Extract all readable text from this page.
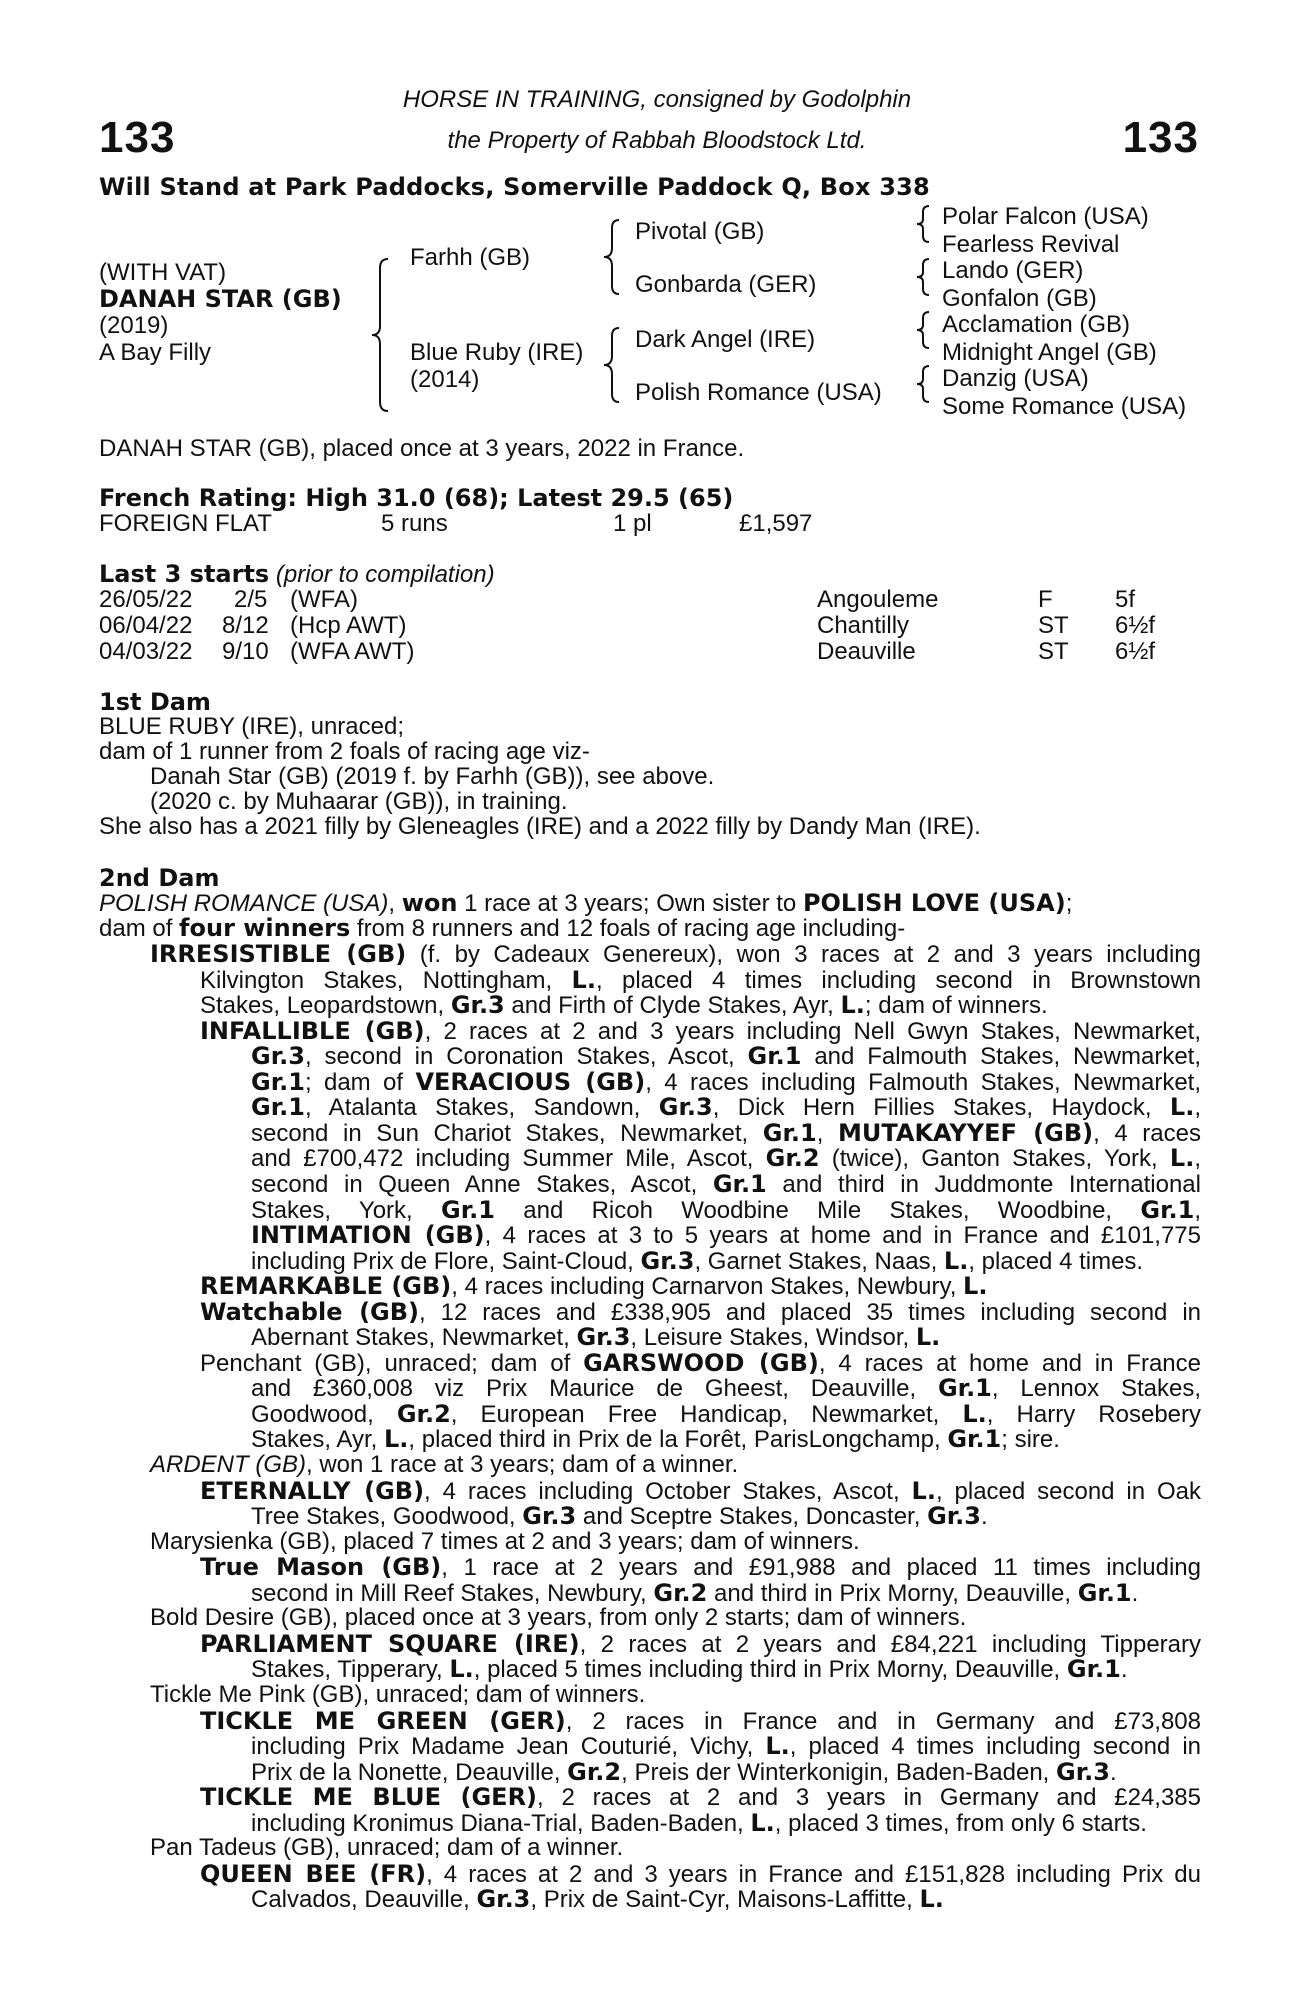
133	133
HORSE IN TRAINING, consigned by Godolphin
the Property of Rabbah Bloodstock Ltd.
Will Stand at Park Paddocks, Somerville Paddock Q, Box 338
(WITH VAT)
DANAH STAR (GB)
(2019)
A Bay Filly
Farhh (GB)
Blue Ruby (IRE)
(2014)
Pivotal (GB)
Gonbarda (GER)
Dark Angel (IRE)
Polish Romance (USA)
Polar Falcon (USA)
Fearless Revival
Lando (GER)
Gonfalon (GB)
Acclamation (GB)
Midnight Angel (GB)
Danzig (USA)
Some Romance (USA)
DANAH STAR (GB), placed once at 3 years, 2022 in France.
French Rating: High 31.0 (68); Latest 29.5 (65)
FOREIGN FLAT	5 runs	1 pl	£1,597
Last 3 starts (prior to compilation)
26/05/22 2/5 (WFA)	Angouleme	F	5f
06/04/22 8/12 (Hcp AWT)	Chantilly	ST 6½f
04/03/22 9/10 (WFA AWT)	Deauville	ST 6½f
1st Dam
BLUE RUBY (IRE), unraced;
dam of 1 runner from 2 foals of racing age viz-
Danah Star (GB) (2019 f. by Farhh (GB)), see above.
(2020 c. by Muhaarar (GB)), in training.
She also has a 2021 filly by Gleneagles (IRE) and a 2022 filly by Dandy Man (IRE).
2nd Dam
POLISH ROMANCE (USA), won 1 race at 3 years; Own sister to POLISH LOVE (USA);
dam of four winners from 8 runners and 12 foals of racing age including-
IRRESISTIBLE (GB) (f. by Cadeaux Genereux), won 3 races at 2 and 3 years including
Kilvington Stakes, Nottingham, L., placed 4 times including second in Brownstown
Stakes, Leopardstown, Gr.3 and Firth of Clyde Stakes, Ayr, L.; dam of winners.
INFALLIBLE (GB), 2 races at 2 and 3 years including Nell Gwyn Stakes, Newmarket,
Gr.3, second in Coronation Stakes, Ascot, Gr.1 and Falmouth Stakes, Newmarket,
Gr.1; dam of VERACIOUS (GB), 4 races including Falmouth Stakes, Newmarket,
Gr.1, Atalanta Stakes, Sandown, Gr.3, Dick Hern Fillies Stakes, Haydock, L.,
second in Sun Chariot Stakes, Newmarket, Gr.1, MUTAKAYYEF (GB), 4 races
and £700,472 including Summer Mile, Ascot, Gr.2 (twice), Ganton Stakes, York, L.,
second in Queen Anne Stakes, Ascot, Gr.1 and third in Juddmonte International
Stakes, York, Gr.1 and Ricoh Woodbine Mile Stakes, Woodbine, Gr.1,
INTIMATION (GB), 4 races at 3 to 5 years at home and in France and £101,775
including Prix de Flore, Saint-Cloud, Gr.3, Garnet Stakes, Naas, L., placed 4 times.
REMARKABLE (GB), 4 races including Carnarvon Stakes, Newbury, L.
Watchable (GB), 12 races and £338,905 and placed 35 times including second in
Abernant Stakes, Newmarket, Gr.3, Leisure Stakes, Windsor, L.
Penchant (GB), unraced; dam of GARSWOOD (GB), 4 races at home and in France
and £360,008 viz Prix Maurice de Gheest, Deauville, Gr.1, Lennox Stakes,
Goodwood, Gr.2, European Free Handicap, Newmarket, L., Harry Rosebery
Stakes, Ayr, L., placed third in Prix de la Forêt, ParisLongchamp, Gr.1; sire.
ARDENT (GB), won 1 race at 3 years; dam of a winner.
ETERNALLY (GB), 4 races including October Stakes, Ascot, L., placed second in Oak
Tree Stakes, Goodwood, Gr.3 and Sceptre Stakes, Doncaster, Gr.3.
Marysienka (GB), placed 7 times at 2 and 3 years; dam of winners.
True Mason (GB), 1 race at 2 years and £91,988 and placed 11 times including
second in Mill Reef Stakes, Newbury, Gr.2 and third in Prix Morny, Deauville, Gr.1.
Bold Desire (GB), placed once at 3 years, from only 2 starts; dam of winners.
PARLIAMENT SQUARE (IRE), 2 races at 2 years and £84,221 including Tipperary
Stakes, Tipperary, L., placed 5 times including third in Prix Morny, Deauville, Gr.1.
Tickle Me Pink (GB), unraced; dam of winners.
TICKLE ME GREEN (GER), 2 races in France and in Germany and £73,808
including Prix Madame Jean Couturié, Vichy, L., placed 4 times including second in
Prix de la Nonette, Deauville, Gr.2, Preis der Winterkonigin, Baden-Baden, Gr.3.
TICKLE ME BLUE (GER), 2 races at 2 and 3 years in Germany and £24,385
including Kronimus Diana-Trial, Baden-Baden, L., placed 3 times, from only 6 starts.
Pan Tadeus (GB), unraced; dam of a winner.
QUEEN BEE (FR), 4 races at 2 and 3 years in France and £151,828 including Prix du
Calvados, Deauville, Gr.3, Prix de Saint-Cyr, Maisons-Laffitte, L.
